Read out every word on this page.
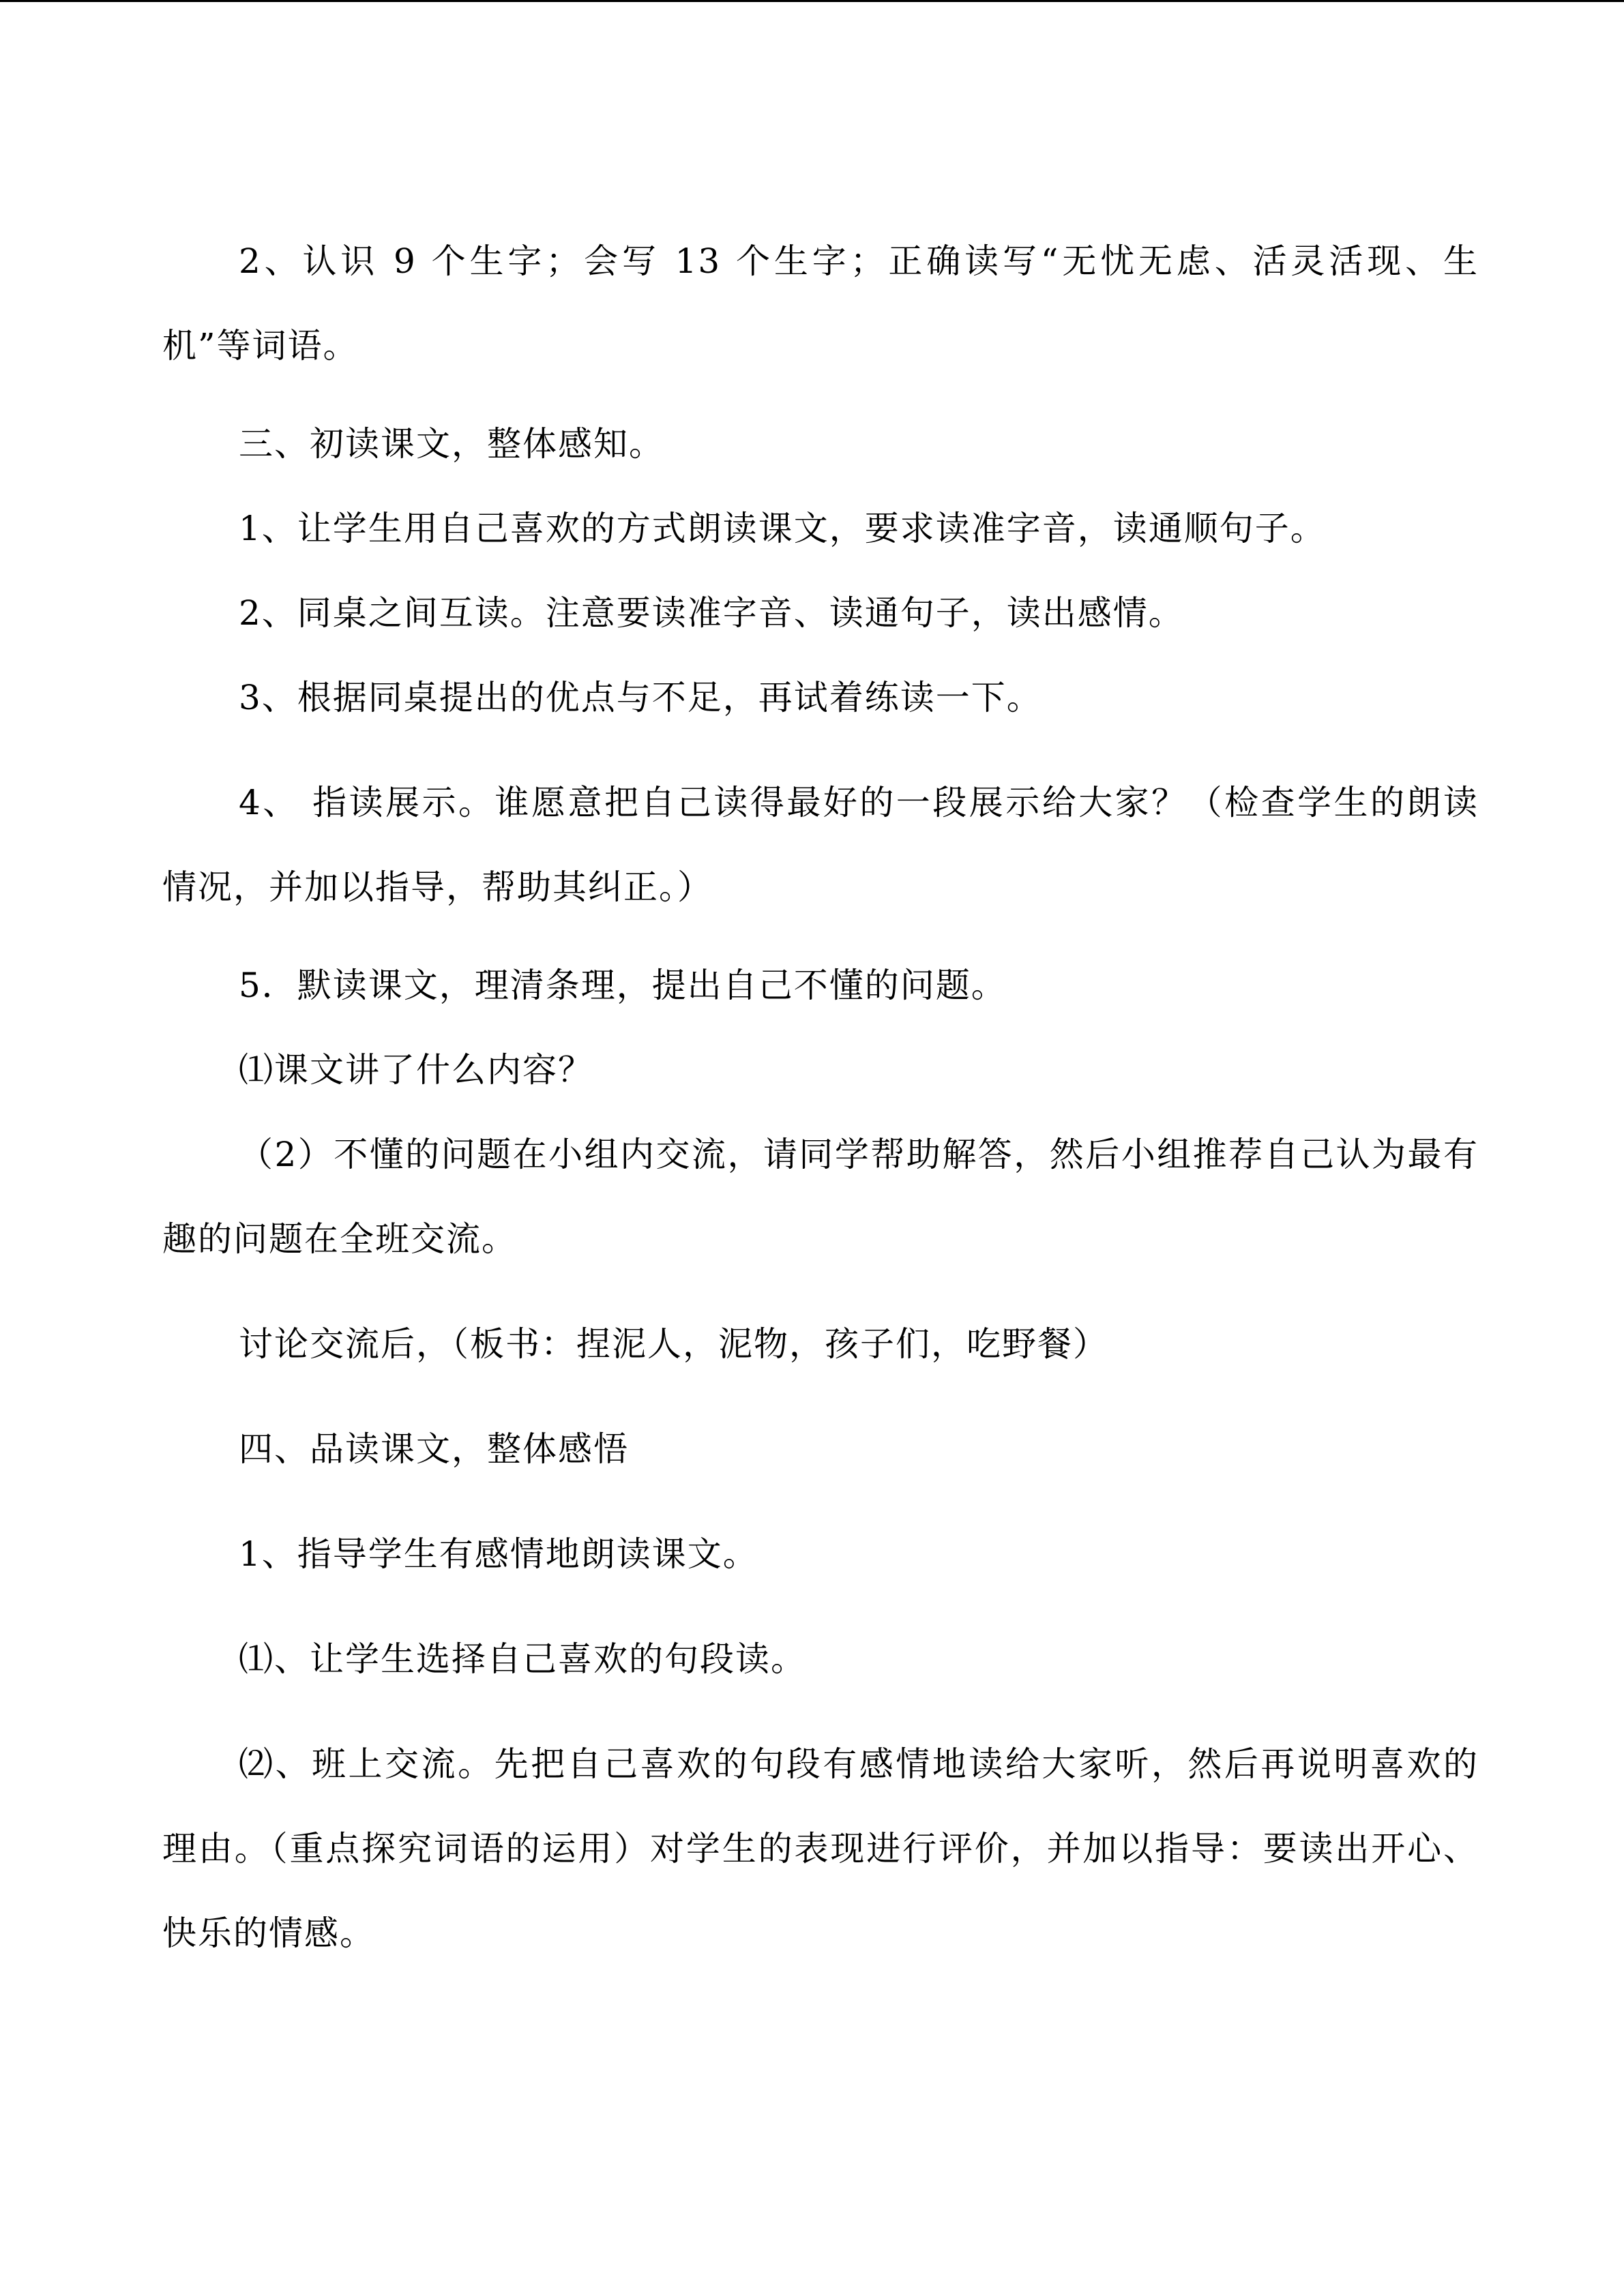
2、认识 9 个生字；会写 13 个生字；正确读写“无忧无虑、活灵活现、生机”等词语。

三、初读课文，整体感知。

1、让学生用自己喜欢的方式朗读课文，要求读准字音，读通顺句子。

2、同桌之间互读。注意要读准字音、读通句子，读出感情。

3、根据同桌提出的优点与不足，再试着练读一下。

4、 指读展示。谁愿意把自己读得最好的一段展示给大家？（检查学生的朗读情况，并加以指导，帮助其纠正。）

5．默读课文，理清条理，提出自己不懂的问题。

⑴课文讲了什么内容？

（2）不懂的问题在小组内交流，请同学帮助解答，然后小组推荐自己认为最有趣的问题在全班交流。

讨论交流后，（板书：捏泥人，泥物，孩子们，吃野餐）

四、品读课文，整体感悟

1、指导学生有感情地朗读课文。

⑴、让学生选择自己喜欢的句段读。

⑵、班上交流。先把自己喜欢的句段有感情地读给大家听，然后再说明喜欢的理由。（重点探究词语的运用）对学生的表现进行评价，并加以指导：要读出开心、快乐的情感。
